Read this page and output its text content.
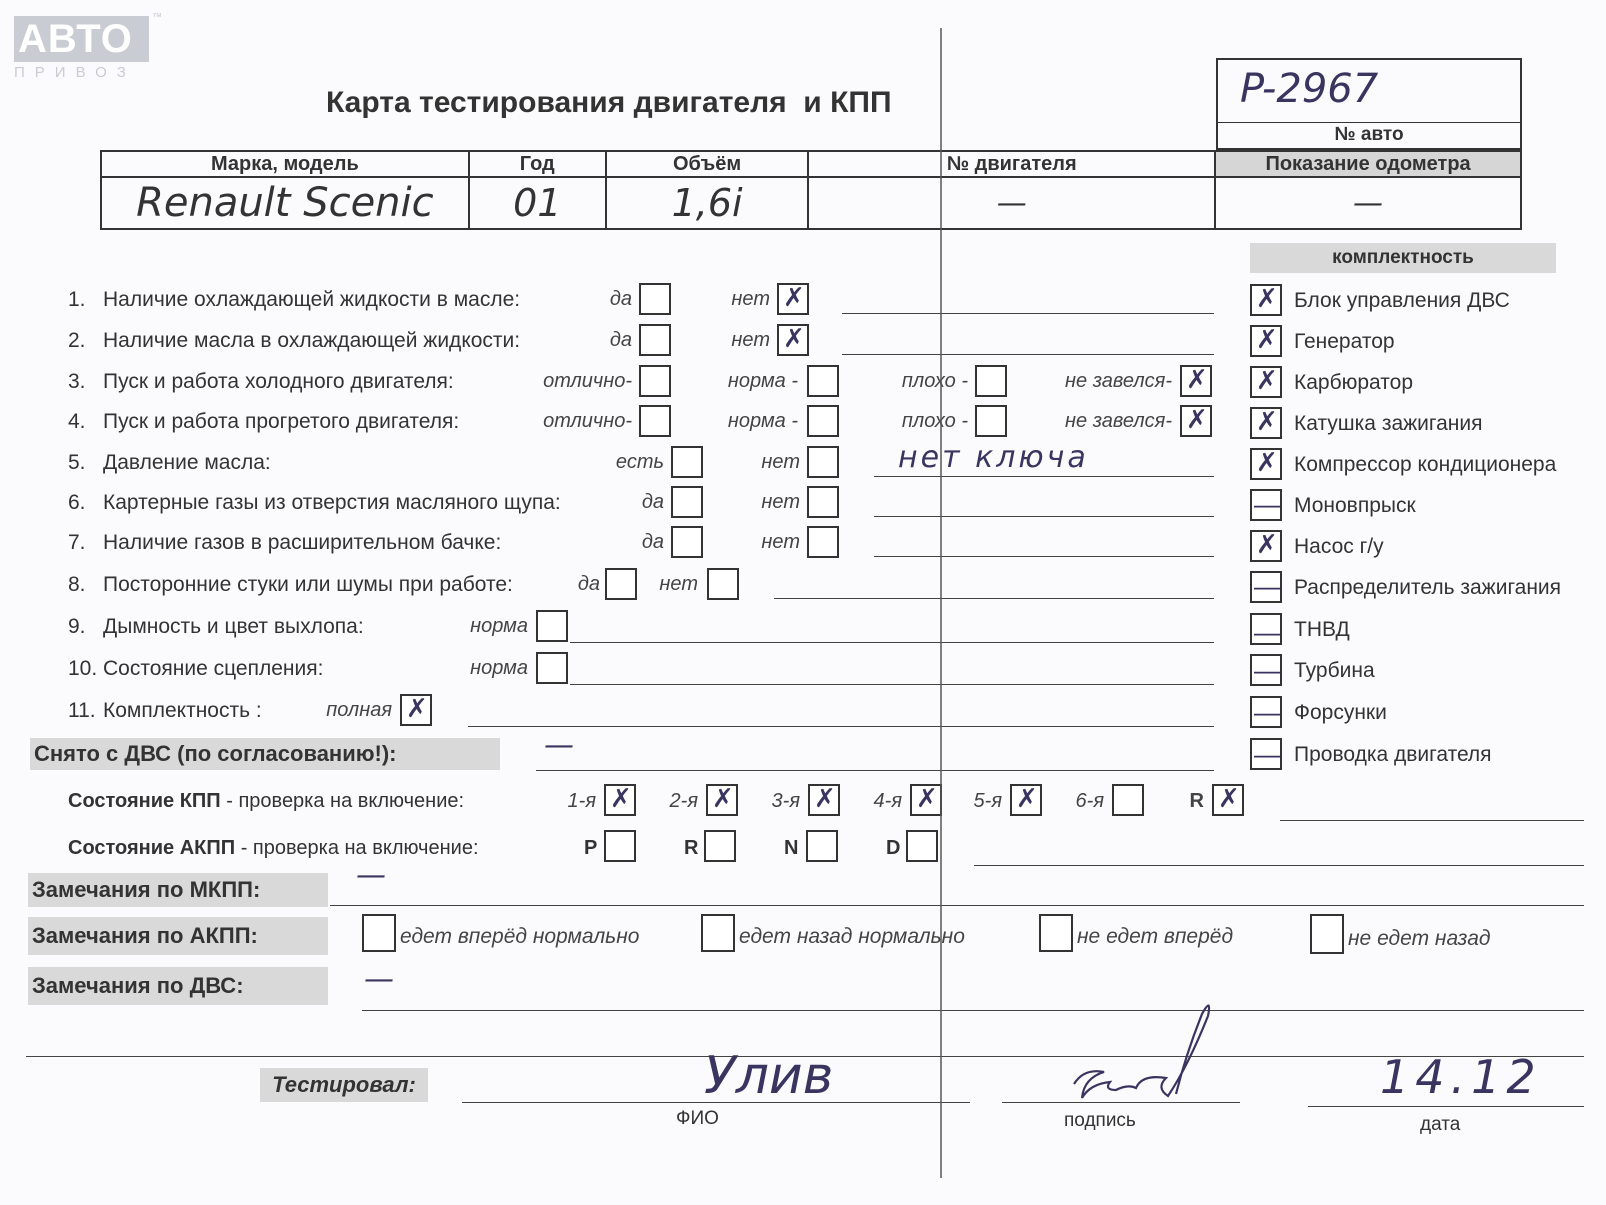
АВТО
ПРИВОЗ
™
Карта тестирования двигателя  и КПП	P-2967
№ авто
Марка, модель	Год	Объём	№ двигателя	Показание одометра
Renault Scenic	01	1,6i	—	—
комплектность
✗ Блок управления ДВС
✗ Генератор
✗ Карбюратор
✗ Катушка зажигания
✗ Компрессор кондиционера
— Моновпрыск
✗ Насос г/у
— Распределитель зажигания
— ТНВД
— Турбина
— Форсунки
— Проводка двигателя
1. Наличие охлаждающей жидкости в масле:	да	нет ✗
2. Наличие масла в охлаждающей жидкости:	да	нет ✗
3. Пуск и работа холодного двигателя:	отлично-	норма -	плохо -	не завелся- ✗
4. Пуск и работа прогретого двигателя:	отлично-	норма -	плохо -	не завелся- ✗
5. Давление масла:	есть	нет	нет ключа
6. Картерные газы из отверстия масляного щупа:	да	нет
7. Наличие газов в расширительном бачке:	да	нет
8. Посторонние стуки или шумы при работе:	да	нет
9. Дымность и цвет выхлопа:	норма
10. Состояние сцепления:	норма
11. Комплектность :	полная ✗
Снято с ДВС (по согласованию!):	—
Состояние КПП - проверка на включение:	1-я ✗	2-я ✗	3-я ✗	4-я ✗	5-я ✗	6-я	R ✗
Состояние АКПП - проверка на включение:	P	R	N	D
Замечания по МКПП:	—
Замечания по АКПП:	едет вперёд нормально	едет назад нормально	не едет вперёд	не едет назад
Замечания по ДВС:	—
Тестировал:	Улив
ФИО	подпись
14.12
дата
